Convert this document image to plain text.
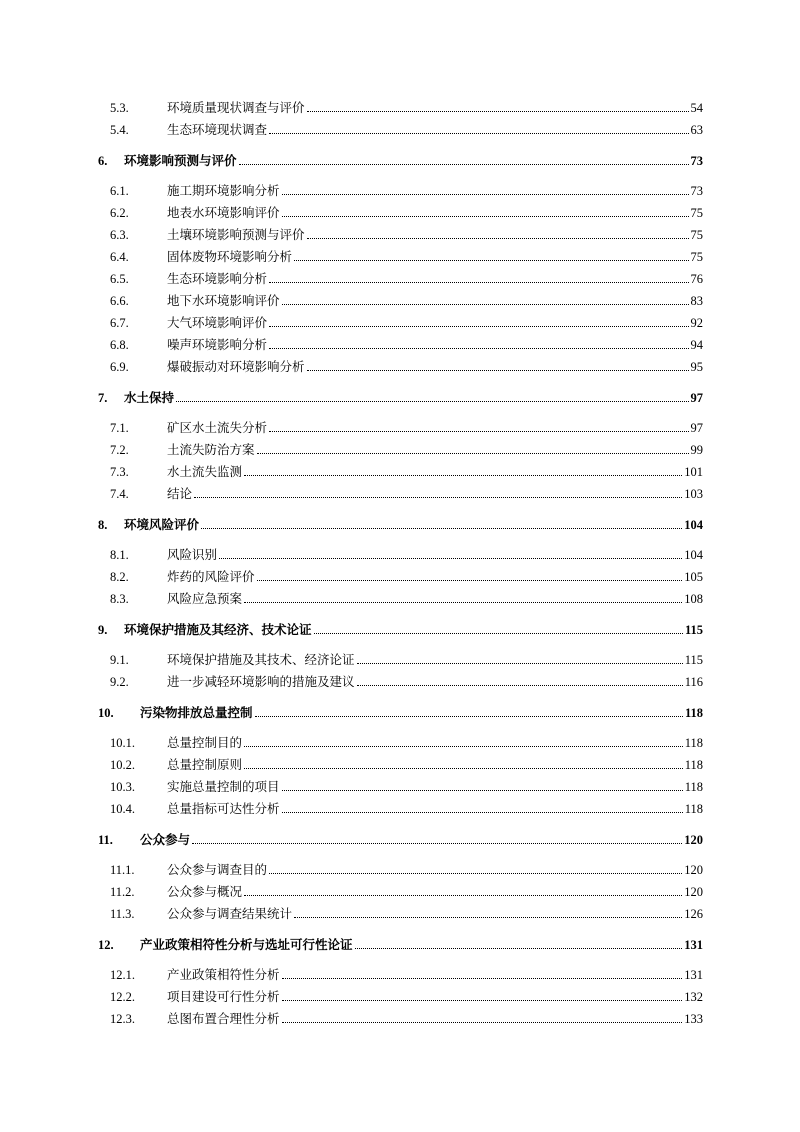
5.3.	环境质量现状调查与评价	54
5.4.	生态环境现状调查	63
6.	环境影响预测与评价	73
6.1.	施工期环境影响分析	73
6.2.	地表水环境影响评价	75
6.3.	土壤环境影响预测与评价	75
6.4.	固体废物环境影响分析	75
6.5.	生态环境影响分析	76
6.6.	地下水环境影响评价	83
6.7.	大气环境影响评价	92
6.8.	噪声环境影响分析	94
6.9.	爆破振动对环境影响分析	95
7.	水土保持	97
7.1.	矿区水土流失分析	97
7.2.	土流失防治方案	99
7.3.	水土流失监测	101
7.4.	结论	103
8.	环境风险评价	104
8.1.	风险识别	104
8.2.	炸药的风险评价	105
8.3.	风险应急预案	108
9.	环境保护措施及其经济、技术论证	115
9.1.	环境保护措施及其技术、经济论证	115
9.2.	进一步减轻环境影响的措施及建议	116
10.	污染物排放总量控制	118
10.1.	总量控制目的	118
10.2.	总量控制原则	118
10.3.	实施总量控制的项目	118
10.4.	总量指标可达性分析	118
11.	公众参与	120
11.1.	公众参与调查目的	120
11.2.	公众参与概况	120
11.3.	公众参与调查结果统计	126
12.	产业政策相符性分析与选址可行性论证	131
12.1.	产业政策相符性分析	131
12.2.	项目建设可行性分析	132
12.3.	总图布置合理性分析	133
